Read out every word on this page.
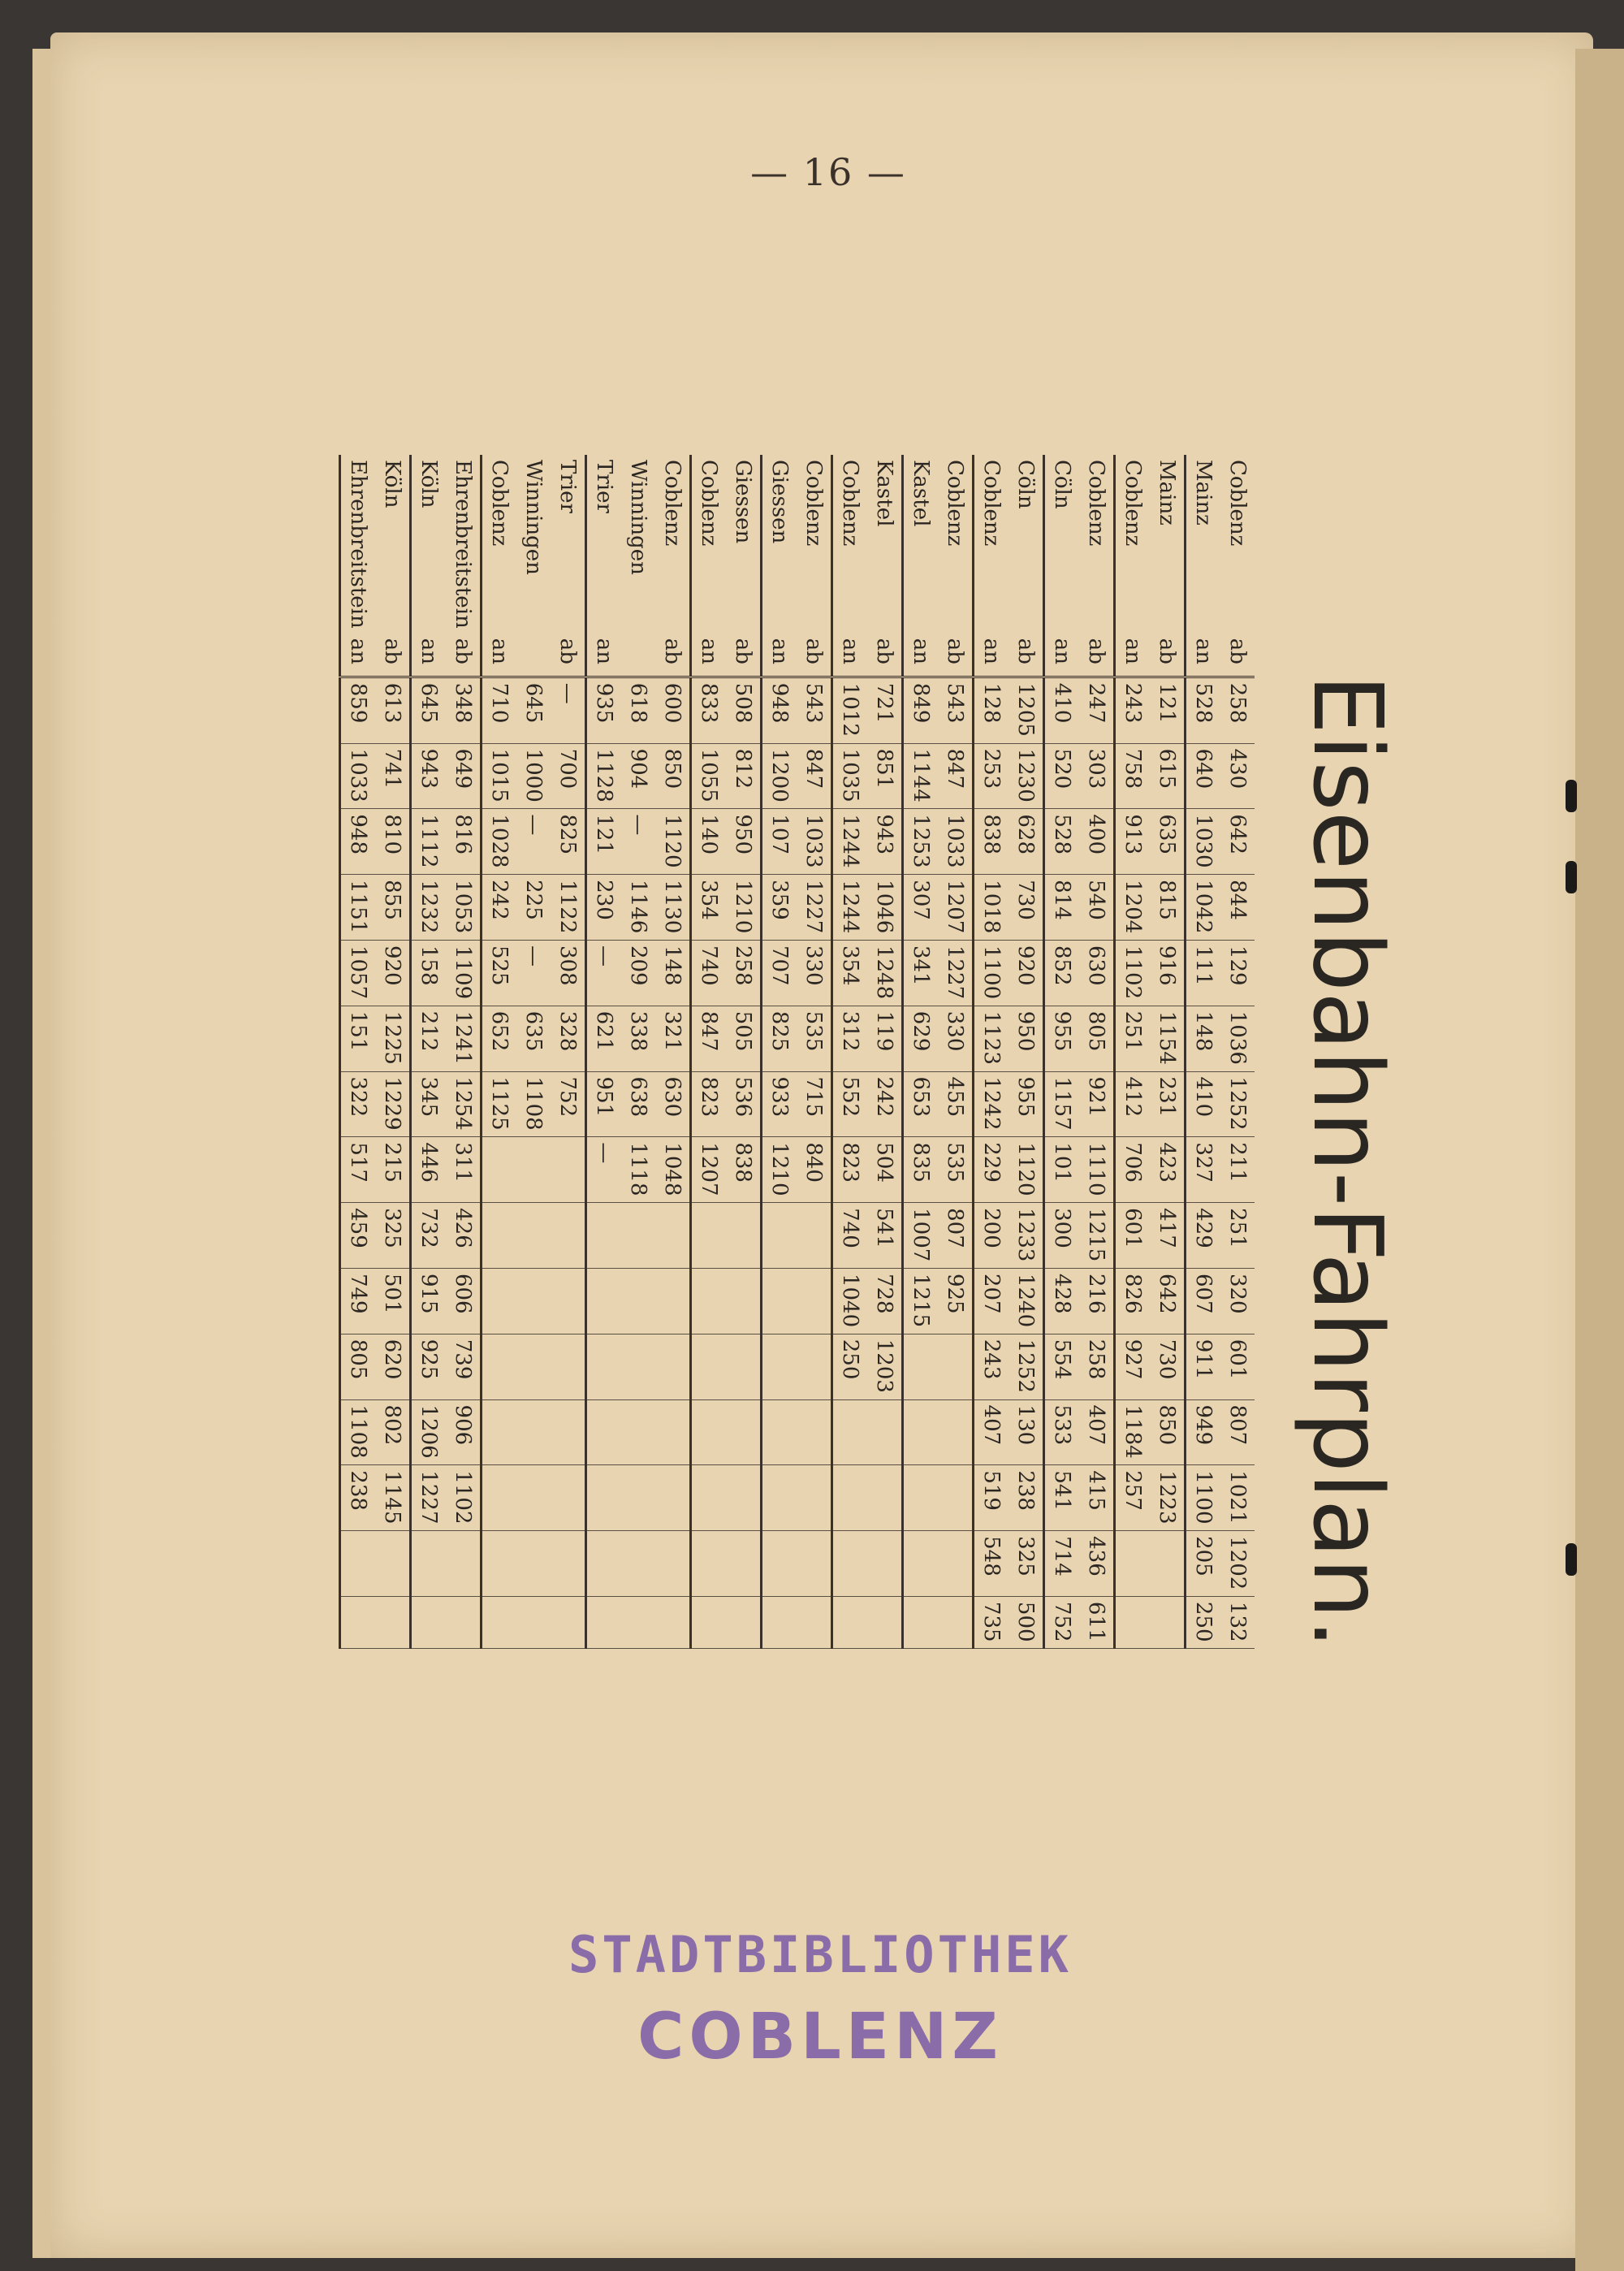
— 16 —
Eisenbahn-Fahrplan.
Coblenz	ab	258	430	642	844	129	1036	1252	211	251	320	601	807	1021	1202	132
Mainz	an	528	640	1030	1042	111	148	410	327	429	607	911	949	1100	205	250
Mainz	ab	121	615	635	815	916	1154	231	423	417	642	730	850	1223		
Coblenz	an	243	758	913	1204	1102	251	412	706	601	826	927	1184	257		
Coblenz	ab	247	303	400	540	630	805	921	1110	1215	216	258	407	415	436	611
Cöln	an	410	520	528	814	852	955	1157	101	300	428	554	533	541	714	752
Cöln	ab	1205	1230	628	730	920	950	955	1120	1233	1240	1252	130	238	325	500
Coblenz	an	128	253	838	1018	1100	1123	1242	229	200	207	243	407	519	548	735
Coblenz	ab	543	847	1033	1207	1227	330	455	535	807	925					
Kastel	an	849	1144	1253	307	341	629	653	835	1007	1215					
Kastel	ab	721	851	943	1046	1248	119	242	504	541	728	1203				
Coblenz	an	1012	1035	1244	1244	354	312	552	823	740	1040	250				
Coblenz	ab	543	847	1033	1227	330	535	715	840							
Giessen	an	948	1200	107	359	707	825	933	1210							
Giessen	ab	508	812	950	1210	258	505	536	838							
Coblenz	an	833	1055	140	354	740	847	823	1207							
Coblenz	ab	600	850	1120	1130	148	321	630	1048							
Winningen		618	904	—	1146	209	338	638	1118							
Trier	an	935	1128	121	230	—	621	951	—							
Trier	ab	—	700	825	1122	308	328	752								
Winningen		645	1000	—	225	—	635	1108								
Coblenz	an	710	1015	1028	242	525	652	1125								
Ehrenbreitstein	ab	348	649	816	1053	1109	1241	1254	311	426	606	739	906	1102		
Köln	an	645	943	1112	1232	158	212	345	446	732	915	925	1206	1227		
Köln	ab	613	741	810	855	920	1225	1229	215	325	501	620	802	1145		
Ehrenbreitstein	an	859	1033	948	1151	1057	151	322	517	459	749	805	1108	238		
STADTBIBLIOTHEK
COBLENZ
